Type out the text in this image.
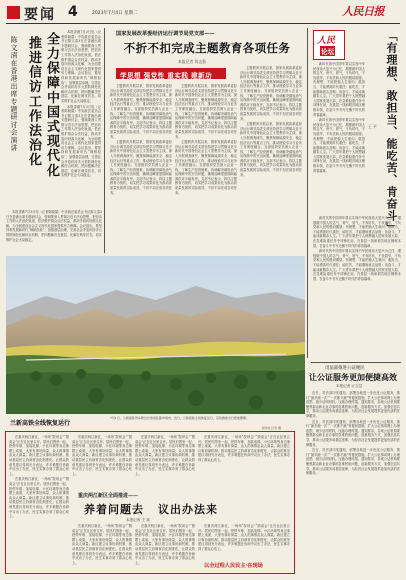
要闻 4	2023年7月4日 星期二	人民日报
全力保障中国式现代化
推进信访工作法治化
陈文清在香港出席专题研讨会演讲

本报香港7月3日电（记者陈晓蔷）中央政法委员会书记陈文清3日在香港出席专题研讨会，强调要深入贯彻习近平法治思想，把信访工作纳入法治化轨道，依法维护群众合法权益，推动矛盾纠纷源头化解，为全面建设社会主义现代化国家提供有力保障。会议指出，要坚持和发展新时代“枫桥经验”，加强基层治理，完善社会矛盾纠纷多元预防调处化解综合机制，把问题解决在基层、化解在萌芽状态，切实维护社会大局稳定。

本报香港7月3日电（记者陈晓蔷）中央政法委员会书记陈文清3日在香港出席专题研讨会，强调要深入贯彻习近平法治思想，把信访工作纳入法治化轨道，依法维护群众合法权益，推动矛盾纠纷源头化解，为全面建设社会主义现代化国家提供有力保障。会议指出，要坚持和发展新时代“枫桥经验”，加强基层治理，完善社会矛盾纠纷多元预防调处化解综合机制，把问题解决在基层、化解在萌芽状态，切实维护社会大局稳定。

本报香港7月3日电（记者陈晓蔷）中央政法委员会书记陈文清3日在香港出席专题研讨会，强调要深入贯彻习近平法治思想，把信访工作纳入法治化轨道，依法维护群众合法权益，推动矛盾纠纷源头化解，为全面建设社会主义现代化国家提供有力保障。会议指出，要坚持和发展新时代“枫桥经验”，加强基层治理，完善社会矛盾纠纷多元预防调处化解综合机制，把问题解决在基层、化解在萌芽状态，切实维护社会大局稳定。

国家发展改革委经济运行调节局党支部——
不折不扣完成主题教育各项任务
本报记者 刘志强
学思想 强党性 重实践 建新功

主题教育开展以来，国家发展改革委经济运行调节局党支部坚持把学习贯彻习近平新时代中国特色社会主义思想作为主线，深入开展调查研究，聚焦保障能源安全、稳定经济运行等重点工作，推动理论学习与业务工作深度融合。支部组织党员深入企业一线，了解生产经营困难，协调解决煤电油气运保障中的突出问题，确保迎峰度夏期间能源供应平稳有序。支部书记表示，将以主题教育为契机，切实把学习成果转化为推动高质量发展的实际成效，不折不扣完成各项任务。

主题教育开展以来，国家发展改革委经济运行调节局党支部坚持把学习贯彻习近平新时代中国特色社会主义思想作为主线，深入开展调查研究，聚焦保障能源安全、稳定经济运行等重点工作，推动理论学习与业务工作深度融合。支部组织党员深入企业一线，了解生产经营困难，协调解决煤电油气运保障中的突出问题，确保迎峰度夏期间能源供应平稳有序。支部书记表示，将以主题教育为契机，切实把学习成果转化为推动高质量发展的实际成效，不折不扣完成各项任务。

主题教育开展以来，国家发展改革委经济运行调节局党支部坚持把学习贯彻习近平新时代中国特色社会主义思想作为主线，深入开展调查研究，聚焦保障能源安全、稳定经济运行等重点工作，推动理论学习与业务工作深度融合。支部组织党员深入企业一线，了解生产经营困难，协调解决煤电油气运保障中的突出问题，确保迎峰度夏期间能源供应平稳有序。支部书记表示，将以主题教育为契机，切实把学习成果转化为推动高质量发展的实际成效，不折不扣完成各项任务。

主题教育开展以来，国家发展改革委经济运行调节局党支部坚持把学习贯彻习近平新时代中国特色社会主义思想作为主线，深入开展调查研究，聚焦保障能源安全、稳定经济运行等重点工作，推动理论学习与业务工作深度融合。支部组织党员深入企业一线，了解生产经营困难，协调解决煤电油气运保障中的突出问题，确保迎峰度夏期间能源供应平稳有序。支部书记表示，将以主题教育为契机，切实把学习成果转化为推动高质量发展的实际成效，不折不扣完成各项任务。

主题教育开展以来，国家发展改革委经济运行调节局党支部坚持把学习贯彻习近平新时代中国特色社会主义思想作为主线，深入开展调查研究，聚焦保障能源安全、稳定经济运行等重点工作，推动理论学习与业务工作深度融合。支部组织党员深入企业一线，了解生产经营困难，协调解决煤电油气运保障中的突出问题，确保迎峰度夏期间能源供应平稳有序。支部书记表示，将以主题教育为契机，切实把学习成果转化为推动高质量发展的实际成效，不折不扣完成各项任务。

主题教育开展以来，国家发展改革委经济运行调节局党支部坚持把学习贯彻习近平新时代中国特色社会主义思想作为主线，深入开展调查研究，聚焦保障能源安全、稳定经济运行等重点工作，推动理论学习与业务工作深度融合。支部组织党员深入企业一线，了解生产经营困难，协调解决煤电油气运保障中的突出问题，确保迎峰度夏期间能源供应平稳有序。支部书记表示，将以主题教育为契机，切实把学习成果转化为推动高质量发展的实际成效，不折不扣完成各项任务。

人民
论坛	「有理想、敢担当、能吃苦、肯奋斗」
王 平

新时代的中国青年要以实现中华民族伟大复兴为己任，增强做中国人的志气、骨气、底气，不负时代，不负韶华，不负党和人民的殷切期望。有理想，才能把稳人生航向；敢担当，才能勇挑时代重任；能吃苦，才能磨砺意志品格；肯奋斗，才能成就精彩人生。广大青年要把个人理想融入国家发展大局，在急难险重任务中冲锋在前，在基层一线和艰苦地区锤炼本领，在奋斗中书写无愧于时代的青春篇章。

新时代的中国青年要以实现中华民族伟大复兴为己任，增强做中国人的志气、骨气、底气，不负时代，不负韶华，不负党和人民的殷切期望。有理想，才能把稳人生航向；敢担当，才能勇挑时代重任；能吃苦，才能磨砺意志品格；肯奋斗，才能成就精彩人生。广大青年要把个人理想融入国家发展大局，在急难险重任务中冲锋在前，在基层一线和艰苦地区锤炼本领，在奋斗中书写无愧于时代的青春篇章。

新时代的中国青年要以实现中华民族伟大复兴为己任，增强做中国人的志气、骨气、底气，不负时代，不负韶华，不负党和人民的殷切期望。有理想，才能把稳人生航向；敢担当，才能勇挑时代重任；能吃苦，才能磨砺意志品格；肯奋斗，才能成就精彩人生。广大青年要把个人理想融入国家发展大局，在急难险重任务中冲锋在前，在基层一线和艰苦地区锤炼本领，在奋斗中书写无愧于时代的青春篇章。

新时代的中国青年要以实现中华民族伟大复兴为己任，增强做中国人的志气、骨气、底气，不负时代，不负韶华，不负党和人民的殷切期望。有理想，才能把稳人生航向；敢担当，才能勇挑时代重任；能吃苦，才能磨砺意志品格；肯奋斗，才能成就精彩人生。广大青年要把个人理想融入国家发展大局，在急难险重任务中冲锋在前，在基层一线和艰苦地区锤炼本领，在奋斗中书写无愧于时代的青春篇章。

兰新高铁全线恢复运行
7月1日，兰新高铁列车驶过甘肃省张掖市境内。近日，兰新高铁全线恢复运行，沿线旅客出行更加便捷。
新华社记者 摄
司法部推进公证便民
让公证服务更加便捷高效
本报记者 亓玉昆

近日，司法部印发通知，部署各地进一步优化公证服务，推行“最多跑一次”“一次都不跑”等便民措施，扩大公证事项网上办理范围，减少证明材料，压缩办理时限。通知要求，各地公证机构要聚焦群众和企业办事的急难愁盼问题，创新服务方式，加强信息共享，推动公证服务向基层延伸，为经济社会发展提供更加优质的法律服务。

近日，司法部印发通知，部署各地进一步优化公证服务，推行“最多跑一次”“一次都不跑”等便民措施，扩大公证事项网上办理范围，减少证明材料，压缩办理时限。通知要求，各地公证机构要聚焦群众和企业办事的急难愁盼问题，创新服务方式，加强信息共享，推动公证服务向基层延伸，为经济社会发展提供更加优质的法律服务。

近日，司法部印发通知，部署各地进一步优化公证服务，推行“最多跑一次”“一次都不跑”等便民措施，扩大公证事项网上办理范围，减少证明材料，压缩办理时限。通知要求，各地公证机构要聚焦群众和企业办事的急难愁盼问题，创新服务方式，加强信息共享，推动公证服务向基层延伸，为经济社会发展提供更加优质的法律服务。

在重庆两江新区，一场场“院坝会”“圆桌会”正在社区里召开。居民们围坐一起，把停车难、加装电梯、小区环境等身边事摆上桌面，大家有事好商量、众人的事情由众人商量。新区建立议事协商机制，推动基层民主协商常态化制度化，让群众的意见建议得到充分表达，许多难题在协商中议出了办法，民生实事办到了群众心坎上。

在重庆两江新区，一场场“院坝会”“圆桌会”正在社区里召开。居民们围坐一起，把停车难、加装电梯、小区环境等身边事摆上桌面，大家有事好商量、众人的事情由众人商量。新区建立议事协商机制，推动基层民主协商常态化制度化，让群众的意见建议得到充分表达，许多难题在协商中议出了办法，民生实事办到了群众心坎上。

在重庆两江新区，一场场“院坝会”“圆桌会”正在社区里召开。居民们围坐一起，把停车难、加装电梯、小区环境等身边事摆上桌面，大家有事好商量、众人的事情由众人商量。新区建立议事协商机制，推动基层民主协商常态化制度化，让群众的意见建议得到充分表达，许多难题在协商中议出了办法，民生实事办到了群众心坎上。

在重庆两江新区，一场场“院坝会”“圆桌会”正在社区里召开。居民们围坐一起，把停车难、加装电梯、小区环境等身边事摆上桌面，大家有事好商量、众人的事情由众人商量。新区建立议事协商机制，推动基层民主协商常态化制度化，让群众的意见建议得到充分表达，许多难题在协商中议出了办法，民生实事办到了群众心坎上。

在重庆两江新区，一场场“院坝会”“圆桌会”正在社区里召开。居民们围坐一起，把停车难、加装电梯、小区环境等身边事摆上桌面，大家有事好商量、众人的事情由众人商量。新区建立议事协商机制，推动基层民主协商常态化制度化，让群众的意见建议得到充分表达，许多难题在协商中议出了办法，民生实事办到了群众心坎上。

重庆两江新区全面推进——
养着问题去 议出办法来
本报记者 王 斌

在重庆两江新区，一场场“院坝会”“圆桌会”正在社区里召开。居民们围坐一起，把停车难、加装电梯、小区环境等身边事摆上桌面，大家有事好商量、众人的事情由众人商量。新区建立议事协商机制，推动基层民主协商常态化制度化，让群众的意见建议得到充分表达，许多难题在协商中议出了办法，民生实事办到了群众心坎上。

在重庆两江新区，一场场“院坝会”“圆桌会”正在社区里召开。居民们围坐一起，把停车难、加装电梯、小区环境等身边事摆上桌面，大家有事好商量、众人的事情由众人商量。新区建立议事协商机制，推动基层民主协商常态化制度化，让群众的意见建议得到充分表达，许多难题在协商中议出了办法，民生实事办到了群众心坎上。

在重庆两江新区，一场场“院坝会”“圆桌会”正在社区里召开。居民们围坐一起，把停车难、加装电梯、小区环境等身边事摆上桌面，大家有事好商量、众人的事情由众人商量。新区建立议事协商机制，推动基层民主协商常态化制度化，让群众的意见建议得到充分表达，许多难题在协商中议出了办法，民生实事办到了群众心坎上。

以全过程人民民主·在现场
